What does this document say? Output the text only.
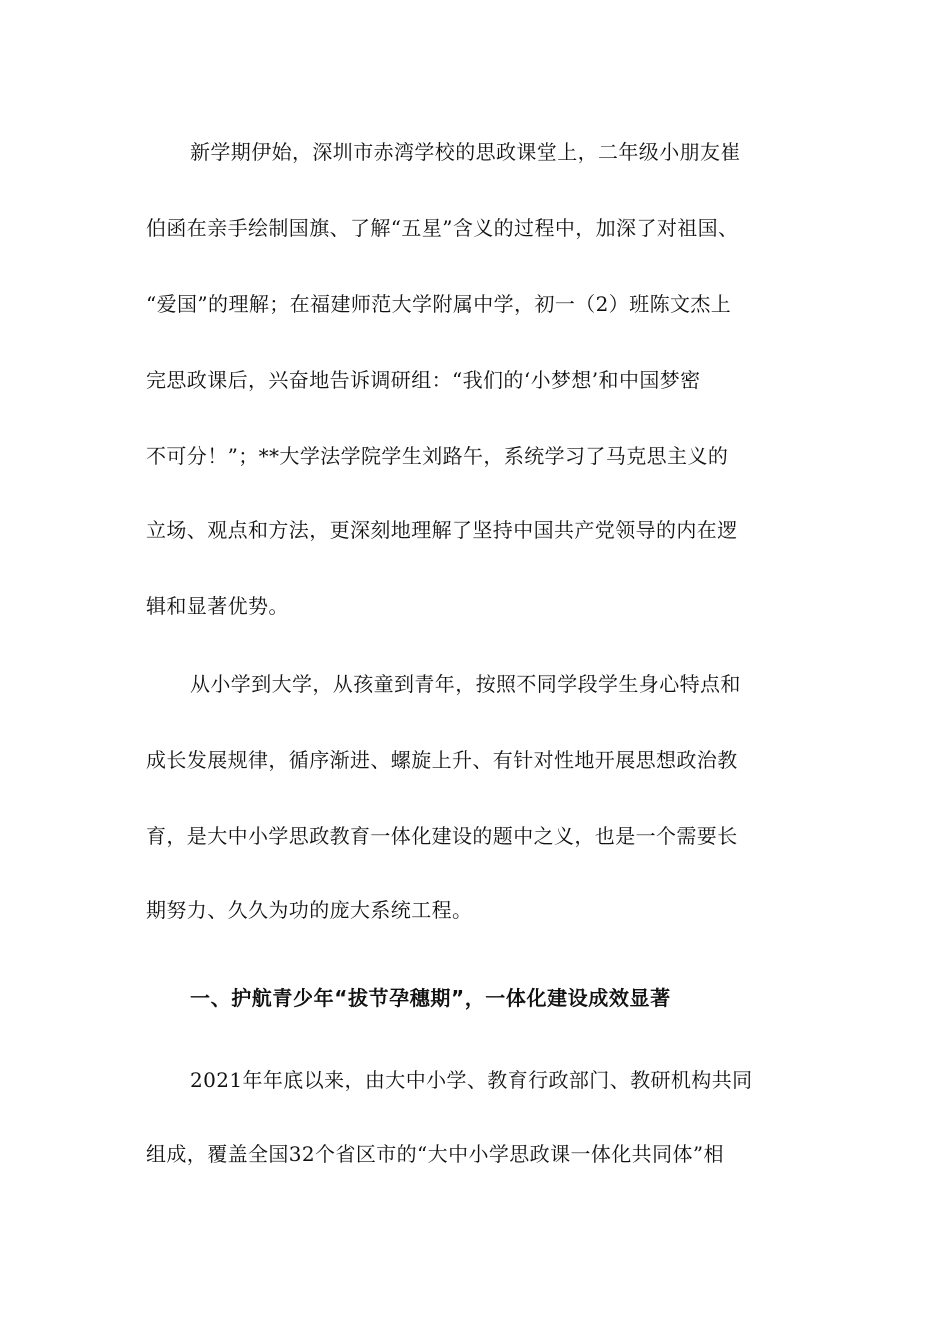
新学期伊始，深圳市赤湾学校的思政课堂上，二年级小朋友崔
伯函在亲手绘制国旗、了解“五星”含义的过程中，加深了对祖国、
“爱国”的理解；在福建师范大学附属中学，初一（2）班陈文杰上
完思政课后，兴奋地告诉调研组：“我们的‘小梦想’和中国梦密
不可分！”；**大学法学院学生刘路午，系统学习了马克思主义的
立场、观点和方法，更深刻地理解了坚持中国共产党领导的内在逻
辑和显著优势。
从小学到大学，从孩童到青年，按照不同学段学生身心特点和
成长发展规律，循序渐进、螺旋上升、有针对性地开展思想政治教
育，是大中小学思政教育一体化建设的题中之义，也是一个需要长
期努力、久久为功的庞大系统工程。
一、护航青少年“拔节孕穗期”，一体化建设成效显著
2021年年底以来，由大中小学、教育行政部门、教研机构共同
组成，覆盖全国32个省区市的“大中小学思政课一体化共同体”相
